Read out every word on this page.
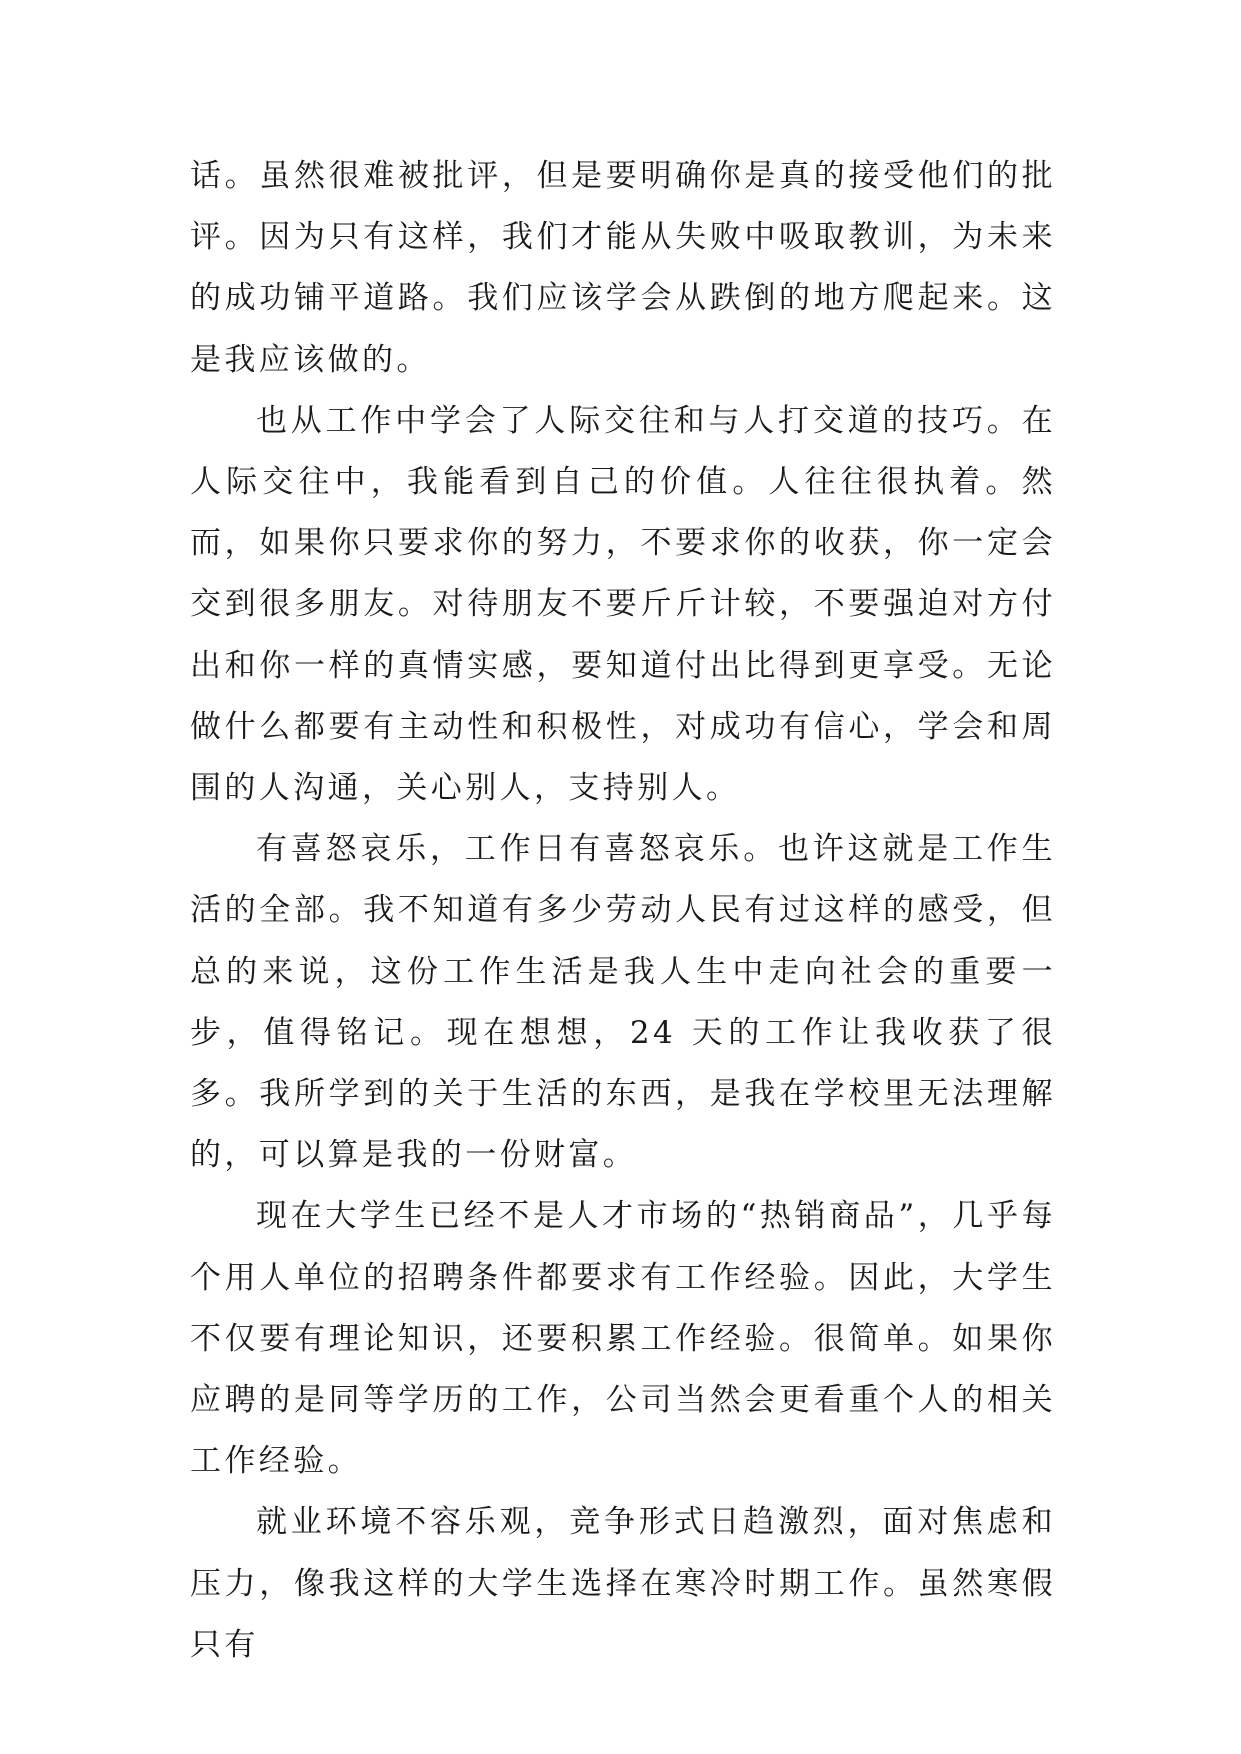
话。虽然很难被批评，但是要明确你是真的接受他们的批评。因为只有这样，我们才能从失败中吸取教训，为未来的成功铺平道路。我们应该学会从跌倒的地方爬起来。这是我应该做的。

也从工作中学会了人际交往和与人打交道的技巧。在人际交往中，我能看到自己的价值。人往往很执着。然而，如果你只要求你的努力，不要求你的收获，你一定会交到很多朋友。对待朋友不要斤斤计较，不要强迫对方付出和你一样的真情实感，要知道付出比得到更享受。无论做什么都要有主动性和积极性，对成功有信心，学会和周围的人沟通，关心别人，支持别人。

有喜怒哀乐，工作日有喜怒哀乐。也许这就是工作生活的全部。我不知道有多少劳动人民有过这样的感受，但总的来说，这份工作生活是我人生中走向社会的重要一步，值得铭记。现在想想，24 天的工作让我收获了很多。我所学到的关于生活的东西，是我在学校里无法理解的，可以算是我的一份财富。

现在大学生已经不是人才市场的“热销商品”，几乎每个用人单位的招聘条件都要求有工作经验。因此，大学生不仅要有理论知识，还要积累工作经验。很简单。如果你应聘的是同等学历的工作，公司当然会更看重个人的相关工作经验。

就业环境不容乐观，竞争形式日趋激烈，面对焦虑和压力，像我这样的大学生选择在寒冷时期工作。虽然寒假只有
